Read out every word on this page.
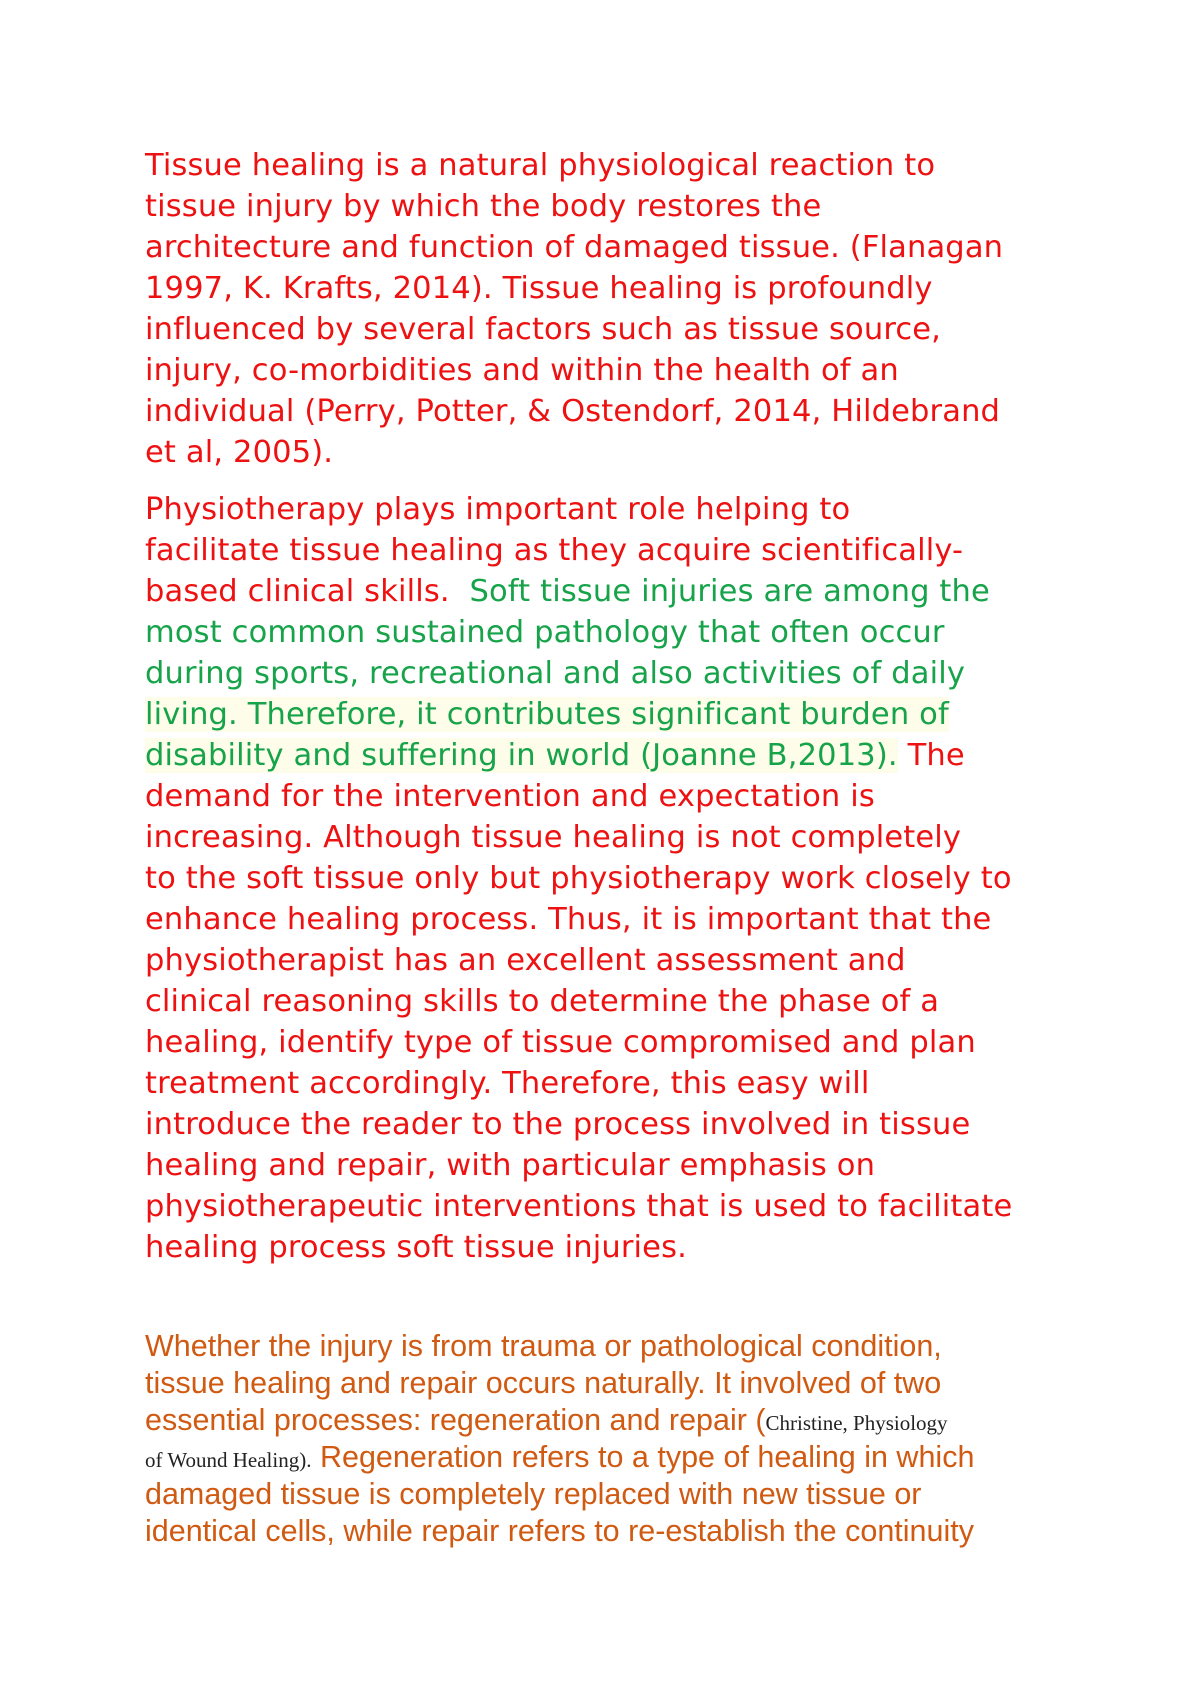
Tissue healing is a natural physiological reaction to

tissue injury by which the body restores the

architecture and function of damaged tissue. (Flanagan

1997, K. Krafts, 2014). Tissue healing is profoundly

influenced by several factors such as tissue source,

injury, co-morbidities and within the health of an

individual (Perry, Potter, & Ostendorf, 2014, Hildebrand

et al, 2005).

Physiotherapy plays important role helping to

facilitate tissue healing as they acquire scientifically-

based clinical skills.  Soft tissue injuries are among the

most common sustained pathology that often occur

during sports, recreational and also activities of daily

living. Therefore, it contributes significant burden of

disability and suffering in world (Joanne B,2013). The

demand for the intervention and expectation is

increasing. Although tissue healing is not completely

to the soft tissue only but physiotherapy work closely to

enhance healing process. Thus, it is important that the

physiotherapist has an excellent assessment and

clinical reasoning skills to determine the phase of a

healing, identify type of tissue compromised and plan

treatment accordingly. Therefore, this easy will

introduce the reader to the process involved in tissue

healing and repair, with particular emphasis on

physiotherapeutic interventions that is used to facilitate

healing process soft tissue injuries.

Whether the injury is from trauma or pathological condition,

tissue healing and repair occurs naturally. It involved of two

essential processes: regeneration and repair (Christine, Physiology

of Wound Healing). Regeneration refers to a type of healing in which

damaged tissue is completely replaced with new tissue or

identical cells, while repair refers to re-establish the continuity
